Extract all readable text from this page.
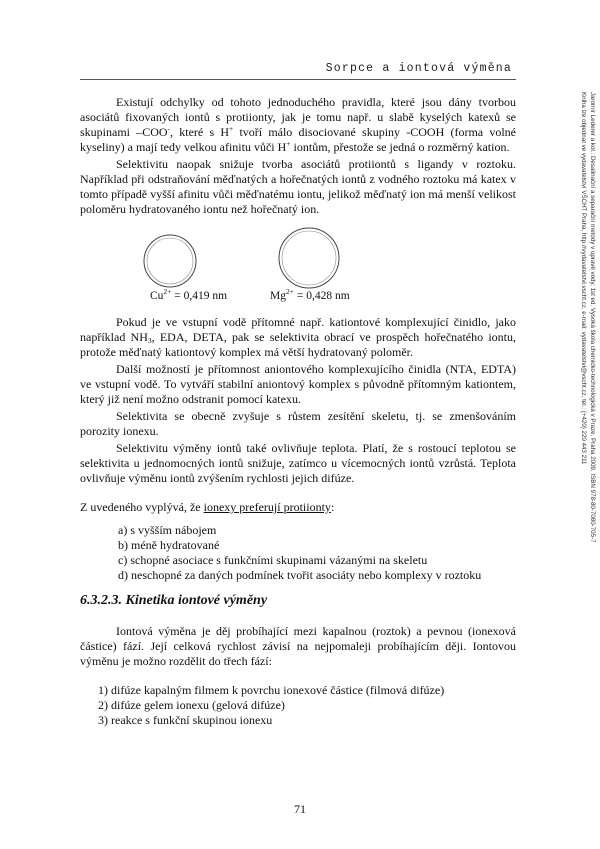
Sorpce a iontová výměna
Jaromír Lederer a kol.: Desalinační a separační metody v úpravě vody, 1st ed. Vysoká škola chemicko-technologická v Praze, Praha 2009, ISBN 978-80-7080-705-7
Kniha lze objednat ve vydavatelství VŠCHT Praha, http://vydavatelstvi.vscht.cz, e-mail: vydavatelstvi@vscht.cz, tel.: (+420) 220 443 211

Existují odchylky od tohoto jednoduchého pravidla, které jsou dány tvorbou asociátů fixovaných iontů s protiionty, jak je tomu např. u slabě kyselých katexů se skupinami –COO-, které s H+ tvoří málo disociované skupiny -COOH (forma volné kyseliny) a mají tedy velkou afinitu vůči H+ iontům, přestože se jedná o rozměrný kation.

Selektivitu naopak snižuje tvorba asociátů protiiontů s ligandy v roztoku. Například při odstraňování měďnatých a hořečnatých iontů z vodného roztoku má katex v tomto případě vyšší afinitu vůči měďnatému iontu, jelikož měďnatý ion má menší velikost poloměru hydratovaného iontu než hořečnatý ion.

$Cu^{2+} = 0,419$ nm	$Mg^{2+} = 0,428$ nm

Pokud je ve vstupní vodě přítomné např. kationtové komplexující činidlo, jako například $NH_3$, EDA, DETA, pak se selektivita obrací ve prospěch hořečnatého iontu, protože měďnatý kationtový komplex má větší hydratovaný poloměr.

Další možností je přítomnost aniontového komplexujícího činidla (NTA, EDTA) ve vstupní vodě. To vytváří stabilní aniontový komplex s původně přítomným kationtem, který již není možno odstranit pomocí katexu.

Selektivita se obecně zvyšuje s růstem zesítění skeletu, tj. se zmenšováním porozity ionexu.

Selektivitu výměny iontů také ovlivňuje teplota. Platí, že s rostoucí teplotou se selektivita u jednomocných iontů snižuje, zatímco u vícemocných iontů vzrůstá. Teplota ovlivňuje výměnu iontů zvýšením rychlosti jejich difúze.

Z uvedeného vyplývá, že ionexy preferují protiionty:

a) s vyšším nábojem
b) méně hydratované
c) schopné asociace s funkčními skupinami vázanými na skeletu
d) neschopné za daných podmínek tvořit asociáty nebo komplexy v roztoku
6.3.2.3. Kinetika iontové výměny

Iontová výměna je děj probíhající mezi kapalnou (roztok) a pevnou (ionexová částice) fází. Její celková rychlost závisí na nejpomaleji probíhajícím ději. Iontovou výměnu je možno rozdělit do třech fází:

1) difúze kapalným filmem k povrchu ionexové částice (filmová difúze)
2) difúze gelem ionexu (gelová difúze)
3) reakce s funkční skupinou ionexu
71
